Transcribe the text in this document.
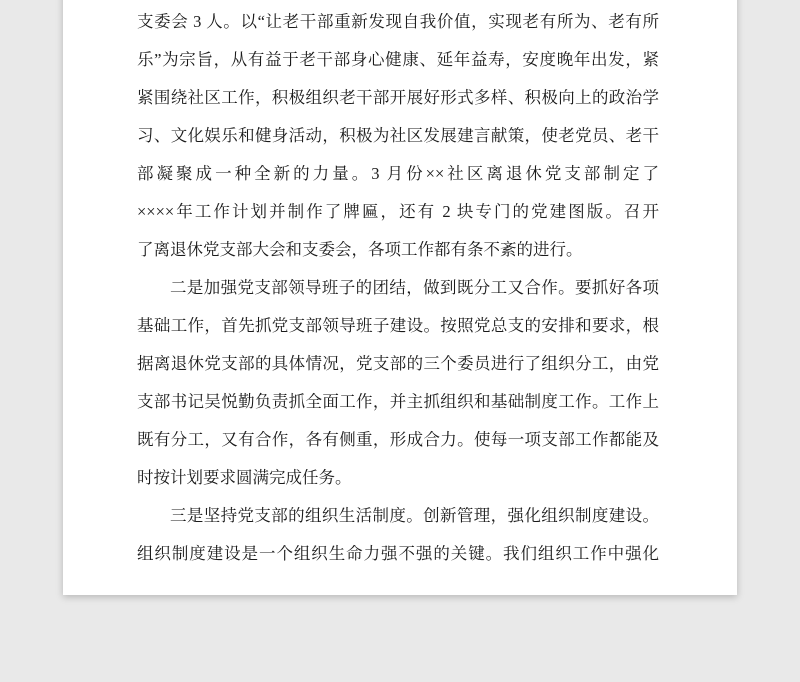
支委会 3 人。以“让老干部重新发现自我价值，实现老有所为、老有所
乐”为宗旨，从有益于老干部身心健康、延年益寿，安度晚年出发，紧
紧围绕社区工作，积极组织老干部开展好形式多样、积极向上的政治学
习、文化娱乐和健身活动，积极为社区发展建言献策，使老党员、老干
部凝聚成一种全新的力量。3 月份××社区离退休党支部制定了
××××年工作计划并制作了牌匾，还有 2 块专门的党建图版。召开
了离退休党支部大会和支委会，各项工作都有条不紊的进行。
二是加强党支部领导班子的团结，做到既分工又合作。要抓好各项
基础工作，首先抓党支部领导班子建设。按照党总支的安排和要求，根
据离退休党支部的具体情况，党支部的三个委员进行了组织分工，由党
支部书记吴悦勤负责抓全面工作，并主抓组织和基础制度工作。工作上
既有分工，又有合作，各有侧重，形成合力。使每一项支部工作都能及
时按计划要求圆满完成任务。
三是坚持党支部的组织生活制度。创新管理，强化组织制度建设。
组织制度建设是一个组织生命力强不强的关键。我们组织工作中强化
